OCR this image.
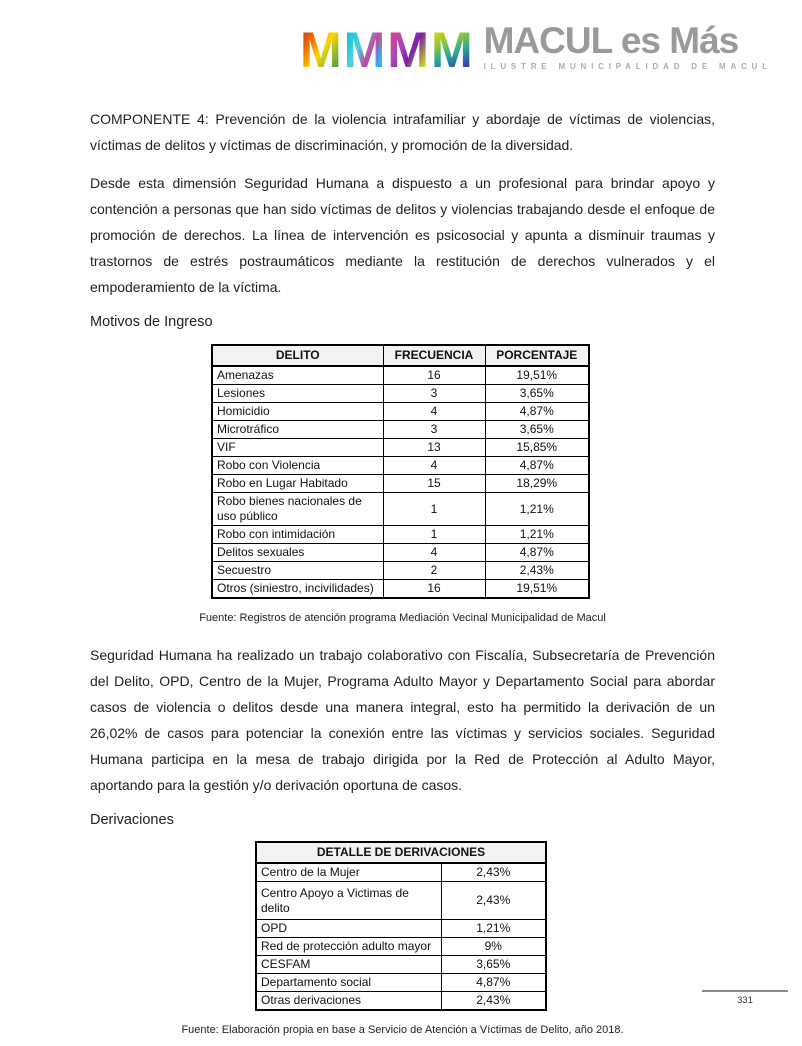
M M M M MACUL es Más
ILUSTRE MUNICIPALIDAD DE MACUL

COMPONENTE 4: Prevención de la violencia intrafamiliar y abordaje de víctimas de violencias, víctimas de delitos y víctimas de discriminación, y promoción de la diversidad.

Desde esta dimensión Seguridad Humana a dispuesto a un profesional para brindar apoyo y contención a personas que han sido víctimas de delitos y violencias trabajando desde el enfoque de promoción de derechos. La línea de intervención es psicosocial y apunta a disminuir traumas y trastornos de estrés postraumáticos mediante la restitución de derechos vulnerados y el empoderamiento de la víctima.

Motivos de Ingreso

DELITO	FRECUENCIA	PORCENTAJE
Amenazas	16	19,51%
Lesiones	3	3,65%
Homicidio	4	4,87%
Microtráfico	3	3,65%
VIF	13	15,85%
Robo con Violencia	4	4,87%
Robo en Lugar Habitado	15	18,29%
Robo bienes nacionales de uso público	1	1,21%
Robo con intimidación	1	1,21%
Delitos sexuales	4	4,87%
Secuestro	2	2,43%
Otros (siniestro, incivilidades)	16	19,51%

Fuente: Registros de atención programa Mediación Vecinal Municipalidad de Macul

Seguridad Humana ha realizado un trabajo colaborativo con Fiscalía, Subsecretaría de Prevención del Delito, OPD, Centro de la Mujer, Programa Adulto Mayor y Departamento Social para abordar casos de violencia o delitos desde una manera integral, esto ha permitido la derivación de un 26,02% de casos para potenciar la conexión entre las víctimas y servicios sociales. Seguridad Humana participa en la mesa de trabajo dirigida por la Red de Protección al Adulto Mayor, aportando para la gestión y/o derivación oportuna de casos.

Derivaciones

DETALLE DE DERIVACIONES	
Centro de la Mujer	2,43%
Centro Apoyo a Victimas de delito	2,43%
OPD	1,21%
Red de protección adulto mayor	9%
CESFAM	3,65%
Departamento social	4,87%
Otras derivaciones	2,43%

Fuente: Elaboración propia en base a Servicio de Atención a Víctimas de Delito, año 2018.

331
